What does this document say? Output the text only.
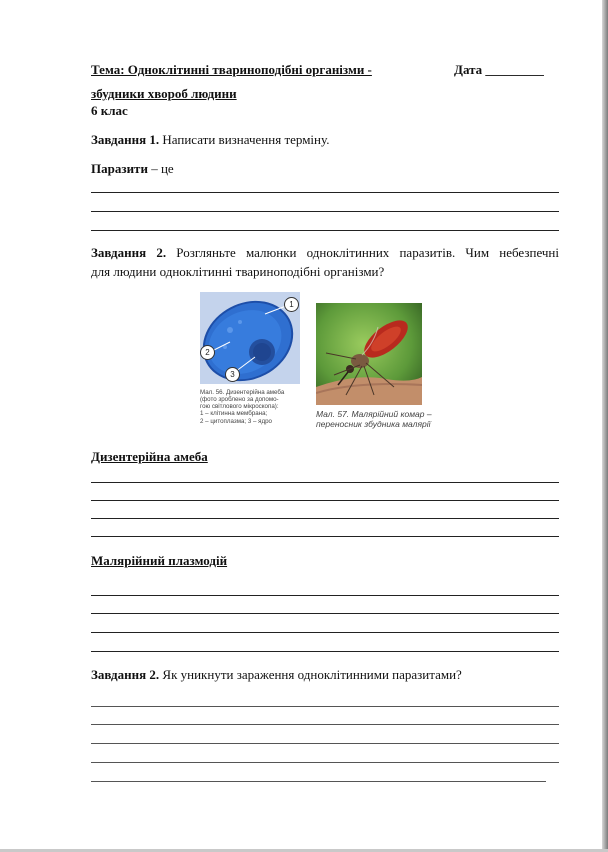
Тема: Одноклітинні твариноподібні організми -	Дата _________
збудники хвороб людини
6 клас
Завдання 1. Написати визначення терміну.
Паразити – це
Завдання 2. Розгляньте малюнки одноклітинних паразитів. Чим небезпечні
для людини одноклітинні твариноподібні організми?
1
2
3
Мал. 56. Дизентерійна амеба
(фото зроблено за допомо-
гою світлового мікроскопа):
1 – клітинна мембрана;
2 – цитоплазма; 3 – ядро
Мал. 57. Малярійний комар –
переносник збудника малярії
Дизентерійна амеба
Малярійний плазмодій
Завдання 2. Як уникнути зараження одноклітинними паразитами?
